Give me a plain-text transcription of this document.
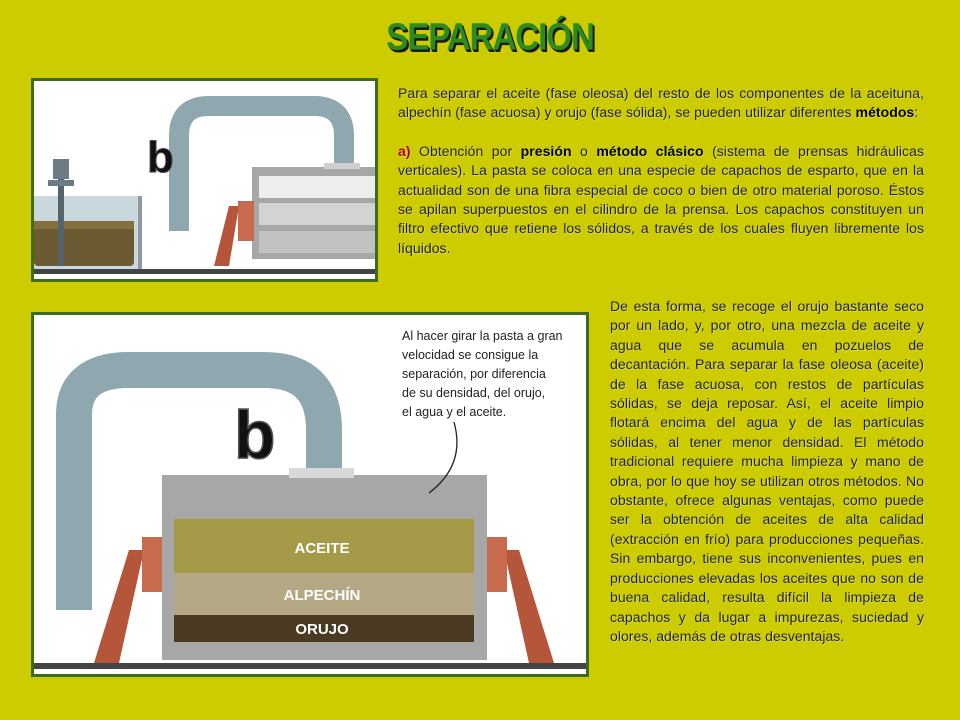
SEPARACIÓN
b
ACEITE
ALPECHÍN
ORUJO
b
Al hacer girar la pasta a gran
velocidad se consigue la
separación, por diferencia
de su densidad, del orujo,
el agua y el aceite.

Para separar el aceite (fase oleosa) del resto de los componentes de la aceituna, alpechín (fase acuosa) y orujo (fase sólida), se pueden utilizar diferentes métodos:

a) Obtención por presión o método clásico (sistema de prensas hidráulicas verticales). La pasta se coloca en una especie de capachos de esparto, que en la actualidad son de una fibra especial de coco o bien de otro material poroso. Éstos se apilan superpuestos en el cilindro de la prensa. Los capachos constituyen un filtro efectivo que retiene los sólidos, a través de los cuales fluyen libremente los líquidos.

De esta forma, se recoge el orujo bastante seco por un lado, y, por otro, una mezcla de aceite y agua que se acumula en pozuelos de decantación. Para separar la fase oleosa (aceite) de la fase acuosa, con restos de partículas sólidas, se deja reposar. Así, el aceite limpio flotará encima del agua y de las partículas sólidas, al tener menor densidad. El método tradicional requiere mucha limpieza y mano de obra, por lo que hoy se utilizan otros métodos. No obstante, ofrece algunas ventajas, como puede ser la obtención de aceites de alta calidad (extracción en frío) para producciones pequeñas. Sin embargo, tiene sus inconvenientes, pues en producciones elevadas los aceites que no son de buena calidad, resulta difícil la limpieza de capachos y da lugar a impurezas, suciedad y olores, además de otras desventajas.
